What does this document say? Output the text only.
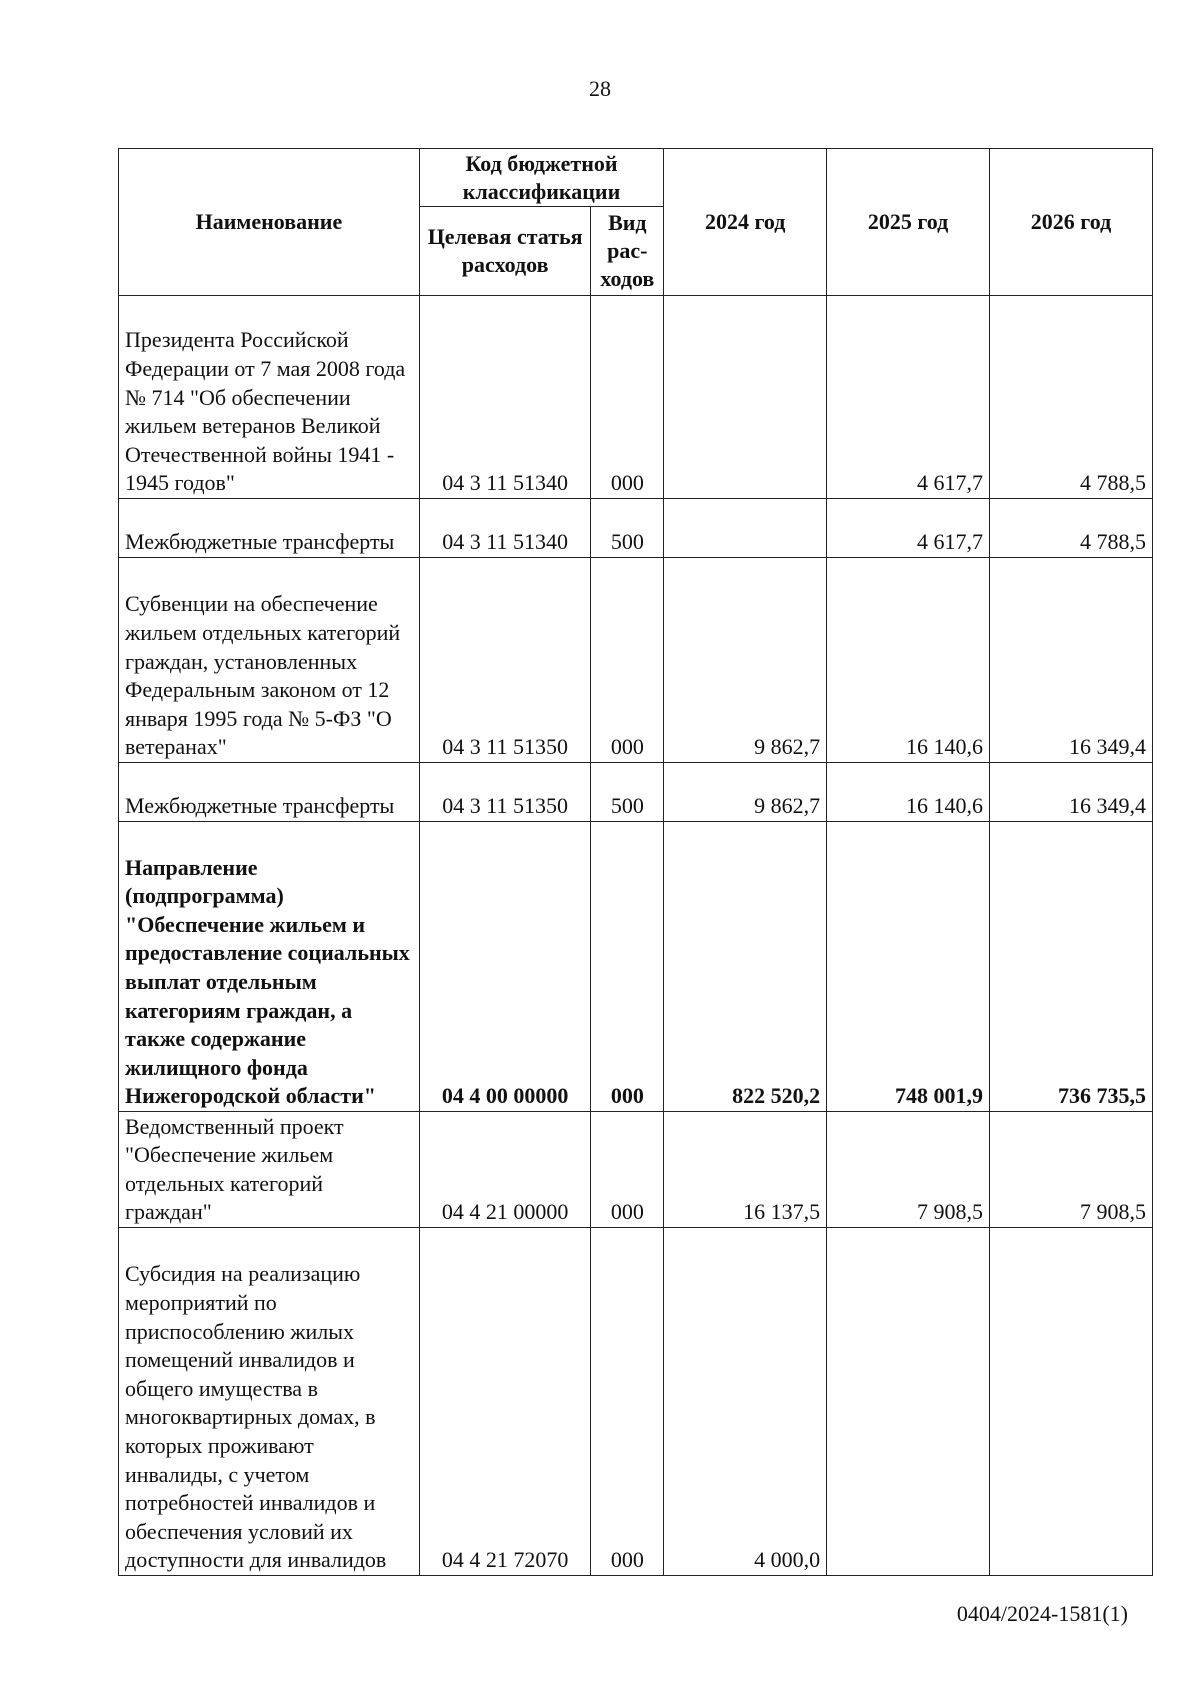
28
Наименование	Код бюджетной классификации		2024 год	2025 год	2026 год
	Целевая статья расходов	Вид рас-ходов			
Президента Российской Федерации от 7 мая 2008 года № 714 "Об обеспечении жильем ветеранов Великой Отечественной войны 1941 - 1945 годов"	04 3 11 51340	000		4 617,7	4 788,5
Межбюджетные трансферты	04 3 11 51340	500		4 617,7	4 788,5
Субвенции на обеспечение жильем отдельных категорий граждан, установленных Федеральным законом от 12 января 1995 года № 5-ФЗ "О ветеранах"	04 3 11 51350	000	9 862,7	16 140,6	16 349,4
Межбюджетные трансферты	04 3 11 51350	500	9 862,7	16 140,6	16 349,4
Направление (подпрограмма) "Обеспечение жильем и предоставление социальных выплат отдельным категориям граждан, а также содержание жилищного фонда Нижегородской области"	04 4 00 00000	000	822 520,2	748 001,9	736 735,5
Ведомственный проект "Обеспечение жильем отдельных категорий граждан"	04 4 21 00000	000	16 137,5	7 908,5	7 908,5
Субсидия на реализацию мероприятий по приспособлению жилых помещений инвалидов и общего имущества в многоквартирных домах, в которых проживают инвалиды, с учетом потребностей инвалидов и обеспечения условий их доступности для инвалидов	04 4 21 72070	000	4 000,0		
0404/2024-1581(1)
